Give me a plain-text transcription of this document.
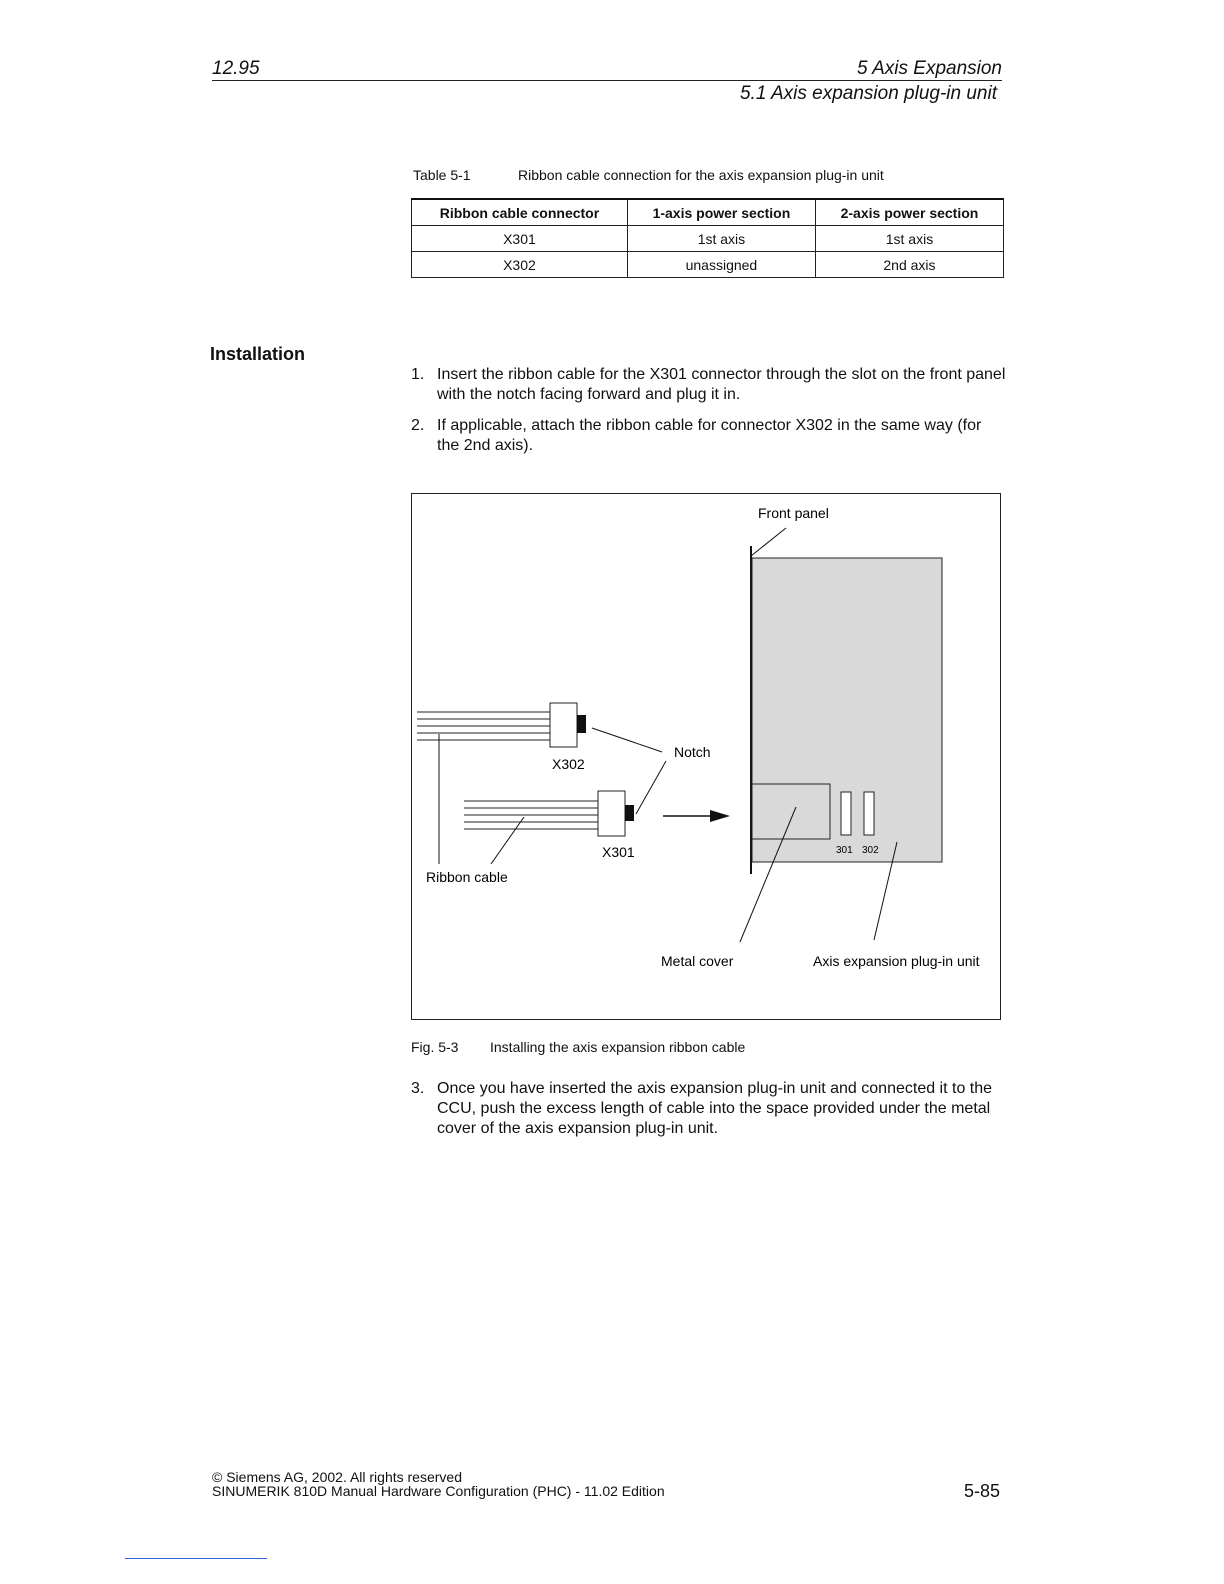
12.95	5 Axis Expansion
5.1 Axis expansion plug-in unit
Table 5-1	Ribbon cable connection for the axis expansion plug-in unit
Ribbon cable connector	1-axis power section	2-axis power section
X301	1st axis	1st axis
X302	unassigned	2nd axis
Installation
1. Insert the ribbon cable for the X301 connector through the slot on the front panel with the notch facing forward and plug it in.
2. If applicable, attach the ribbon cable for connector X302 in the same way (for the 2nd axis).
301 302
Front panel
X302
X301
Notch
Ribbon cable
Metal cover	Axis expansion plug-in unit
Fig. 5-3 Installing the axis expansion ribbon cable
3. Once you have inserted the axis expansion plug-in unit and connected it to the CCU, push the excess length of cable into the space provided under the metal cover of the axis expansion plug-in unit.
© Siemens AG, 2002. All rights reserved
SINUMERIK 810D Manual Hardware Configuration (PHC) - 11.02 Edition	5-85
